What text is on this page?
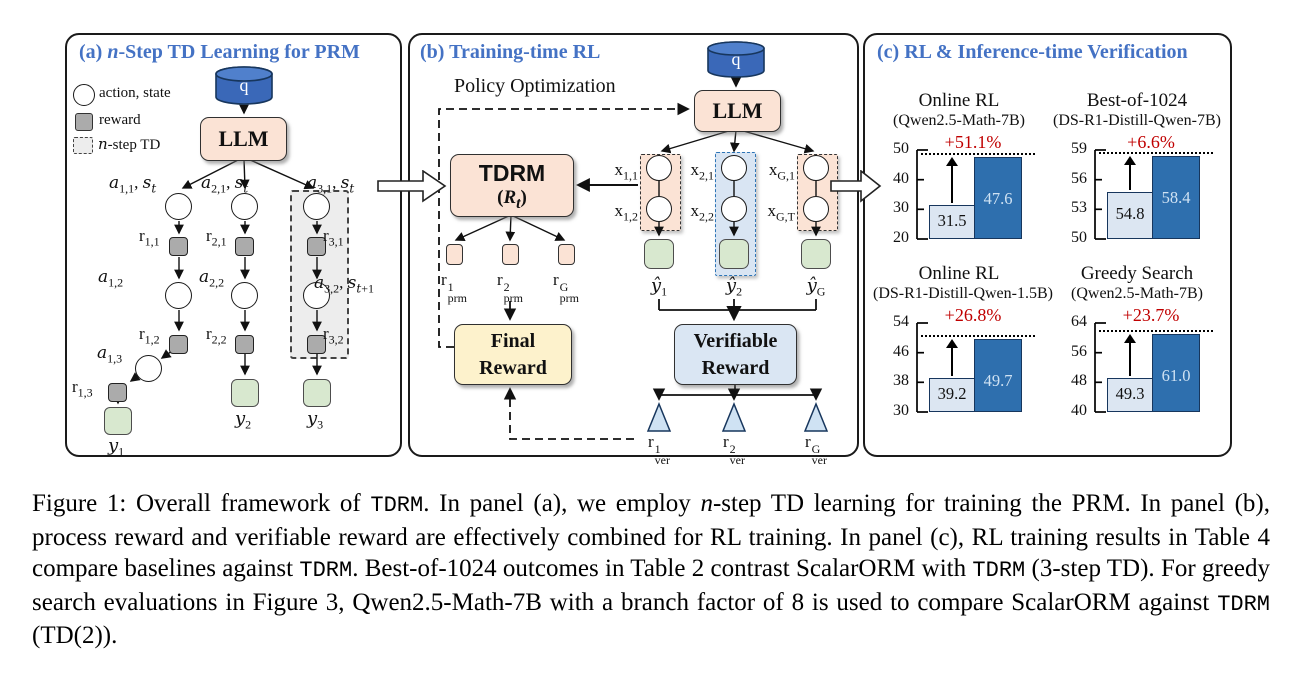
(a) n-Step TD Learning for PRM
action, state
reward
n-step TD
q
LLM
$a_{1,1}$, $s_t$	$a_{2,1}$, $s_t$	$a_{3,1}$, $s_t$
$r_{1,1}$	$r_{2,1}$	$r_{3,1}$
$a_{1,2}$	$a_{2,2}$	$a_{3,2}$, $s_{t+1}$
$r_{1,2}$	$r_{2,2}$	$r_{3,2}$
$a_{1,3}$
$r_{1,3}$
$y_1$
$y_2$	$y_3$
(b) Training-time RL	q
Policy Optimization
LLM
TDRM
$(R_t)$
r 1
prm
r 2
prm
r G
prm
$x_{1,1}$
$x_{1,2}$
$x_{2,1}$
$x_{2,2}$
$x_{G,1}$
$x_{G,T}$
$ŷ_1$	$ŷ_2$	$ŷ_G$
Final Reward
Verifiable Reward
r 1
ver
r 2
ver
r G
ver
(c) RL & Inference-time Verification
Online RL
(Qwen2.5-Math-7B)
+51.1%
50
40
30
20
31.5
47.6
Best-of-1024
(DS-R1-Distill-Qwen-7B)
+6.6%
59
56
53
50
54.8
58.4
Online RL
(DS-R1-Distill-Qwen-1.5B)
+26.8%
54
46
38
30
39.2
49.7
Greedy Search
(Qwen2.5-Math-7B)
+23.7%
64
56
48
40
49.3
61.0
Figure 1: Overall framework of TDRM. In panel (a), we employ n-step TD learning for training the PRM. In panel (b), process reward and verifiable reward are effectively combined for RL training. In panel (c), RL training results in Table 4 compare baselines against TDRM. Best-of-1024 outcomes in Table 2 contrast ScalarORM with TDRM (3-step TD). For greedy search evaluations in Figure 3, Qwen2.5-Math-7B with a branch factor of 8 is used to compare ScalarORM against TDRM (TD(2)).
